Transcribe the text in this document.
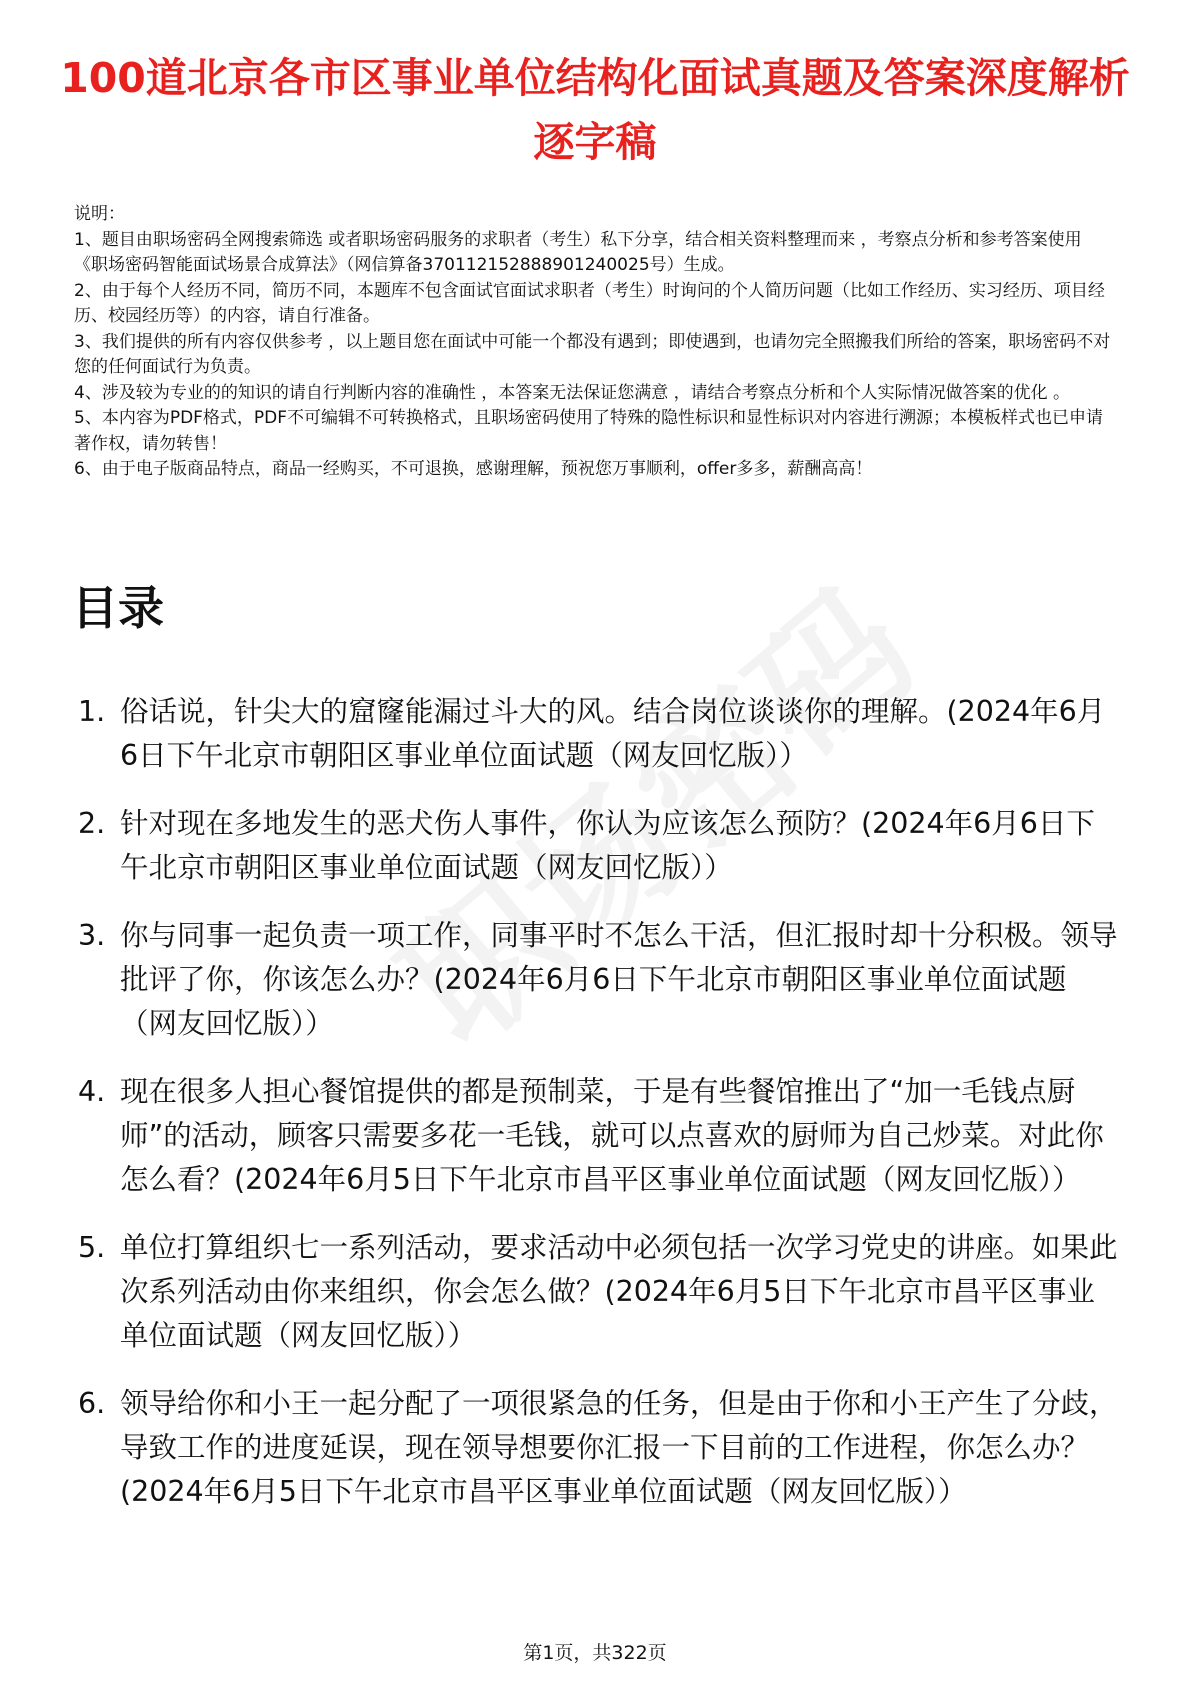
100道北京各市区事业单位结构化面试真题及答案深度解析逐字稿

说明：

1、题目由职场密码全网搜索筛选 或者职场密码服务的求职者（考生）私下分享，结合相关资料整理而来 ，考察点分析和参考答案使用《职场密码智能面试场景合成算法》（网信算备370112152888901240025号）生成。

2、由于每个人经历不同，简历不同，本题库不包含面试官面试求职者（考生）时询问的个人简历问题（比如工作经历、实习经历、项目经历、校园经历等）的内容，请自行准备。

3、我们提供的所有内容仅供参考 ，以上题目您在面试中可能一个都没有遇到；即使遇到，也请勿完全照搬我们所给的答案，职场密码不对您的任何面试行为负责。

4、涉及较为专业的的知识的请自行判断内容的准确性 ，本答案无法保证您满意 ，请结合考察点分析和个人实际情况做答案的优化 。

5、本内容为PDF格式，PDF不可编辑不可转换格式，且职场密码使用了特殊的隐性标识和显性标识对内容进行溯源；本模板样式也已申请著作权，请勿转售！

6、由于电子版商品特点，商品一经购买，不可退换，感谢理解，预祝您万事顺利，offer多多，薪酬高高！

目录
1. 俗话说，针尖大的窟窿能漏过斗大的风。结合岗位谈谈你的理解。(2024年6月6日下午北京市朝阳区事业单位面试题（网友回忆版））
2. 针对现在多地发生的恶犬伤人事件，你认为应该怎么预防？(2024年6月6日下午北京市朝阳区事业单位面试题（网友回忆版））
3. 你与同事一起负责一项工作，同事平时不怎么干活，但汇报时却十分积极。领导批评了你，你该怎么办？(2024年6月6日下午北京市朝阳区事业单位面试题（网友回忆版））
4. 现在很多人担心餐馆提供的都是预制菜，于是有些餐馆推出了“加一毛钱点厨师”的活动，顾客只需要多花一毛钱，就可以点喜欢的厨师为自己炒菜。对此你怎么看？(2024年6月5日下午北京市昌平区事业单位面试题（网友回忆版））
5. 单位打算组织七一系列活动，要求活动中必须包括一次学习党史的讲座。如果此次系列活动由你来组织，你会怎么做？(2024年6月5日下午北京市昌平区事业单位面试题（网友回忆版））
6. 领导给你和小王一起分配了一项很紧急的任务，但是由于你和小王产生了分歧，导致工作的进度延误，现在领导想要你汇报一下目前的工作进程，你怎么办？(2024年6月5日下午北京市昌平区事业单位面试题（网友回忆版））
第1页，共322页
